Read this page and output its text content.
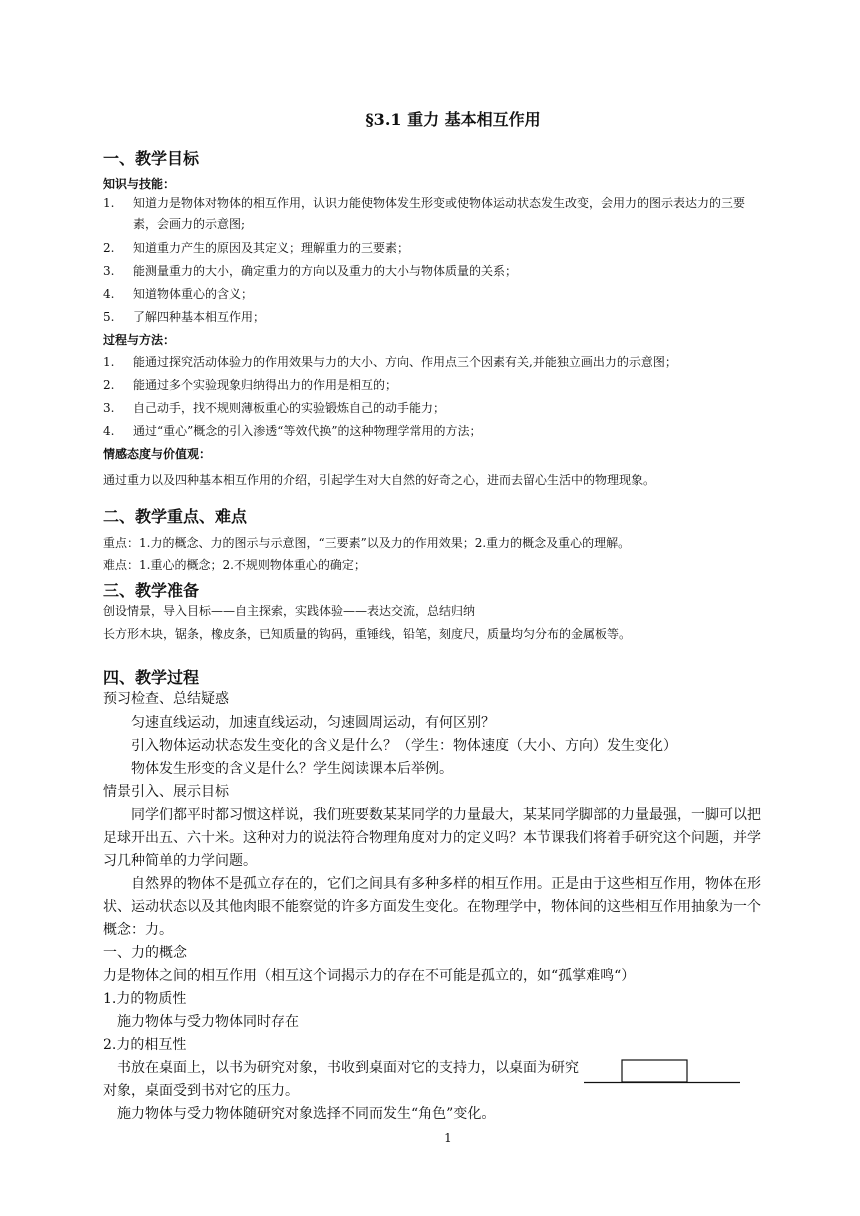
§3.1 重力 基本相互作用
一、教学目标
知识与技能：
1.	知道力是物体对物体的相互作用，认识力能使物体发生形变或使物体运动状态发生改变，会用力的图示表达力的三要素，会画力的示意图;
2.	知道重力产生的原因及其定义；理解重力的三要素；
3.	能测量重力的大小，确定重力的方向以及重力的大小与物体质量的关系；
4.	知道物体重心的含义；
5.	了解四种基本相互作用；
过程与方法：
1.	能通过探究活动体验力的作用效果与力的大小、方向、作用点三个因素有关,并能独立画出力的示意图；
2.	能通过多个实验现象归纳得出力的作用是相互的；
3.	自己动手，找不规则薄板重心的实验锻炼自己的动手能力；
4.	通过“重心”概念的引入渗透“等效代换”的这种物理学常用的方法；
情感态度与价值观：
通过重力以及四种基本相互作用的介绍，引起学生对大自然的好奇之心，进而去留心生活中的物理现象。
二、教学重点、难点
重点：1.力的概念、力的图示与示意图，“三要素”以及力的作用效果；2.重力的概念及重心的理解。
难点：1.重心的概念；2.不规则物体重心的确定；
三、教学准备
创设情景，导入目标——自主探索，实践体验——表达交流，总结归纳
长方形木块，锯条，橡皮条，已知质量的钩码，重锤线，铅笔，刻度尺，质量均匀分布的金属板等。
四、教学过程
预习检查、总结疑惑
匀速直线运动，加速直线运动，匀速圆周运动，有何区别？
引入物体运动状态发生变化的含义是什么？（学生：物体速度（大小、方向）发生变化）
物体发生形变的含义是什么？学生阅读课本后举例。
情景引入、展示目标
同学们都平时都习惯这样说，我们班要数某某同学的力量最大，某某同学脚部的力量最强，一脚可以把足球开出五、六十米。这种对力的说法符合物理角度对力的定义吗？本节课我们将着手研究这个问题，并学习几种简单的力学问题。
自然界的物体不是孤立存在的，它们之间具有多种多样的相互作用。正是由于这些相互作用，物体在形状、运动状态以及其他肉眼不能察觉的许多方面发生变化。在物理学中，物体间的这些相互作用抽象为一个概念：力。
一、力的概念
力是物体之间的相互作用（相互这个词揭示力的存在不可能是孤立的，如“孤掌难鸣“）
1.力的物质性
施力物体与受力物体同时存在
2.力的相互性
书放在桌面上，以书为研究对象，书收到桌面对它的支持力，以桌面为研究对象，桌面受到书对它的压力。
施力物体与受力物体随研究对象选择不同而发生“角色”变化。
1
